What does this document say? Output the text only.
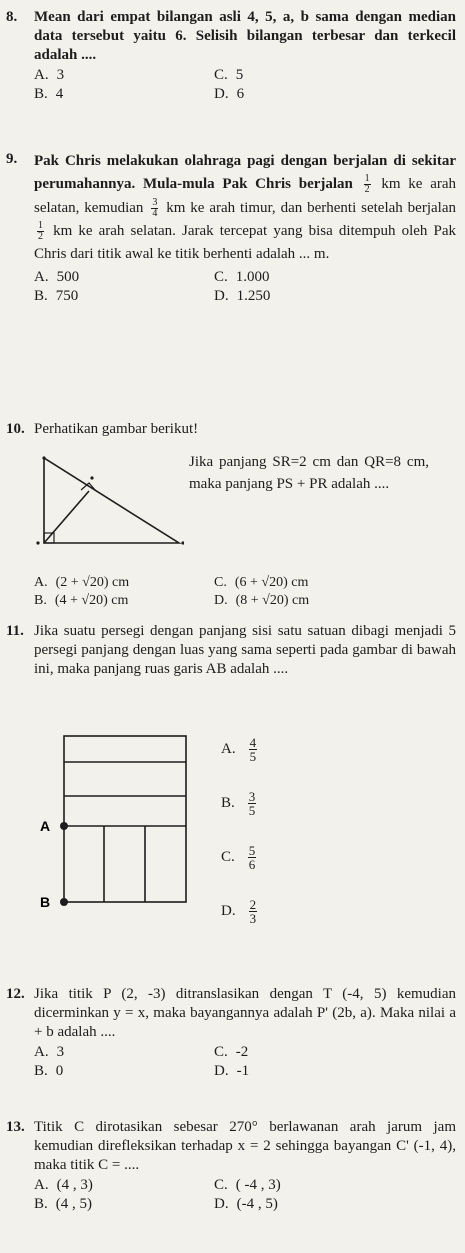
8. Mean dari empat bilangan asli 4, 5, a, b sama dengan median data tersebut yaitu 6. Selisih bilangan terbesar dan terkecil adalah ....

A. 3	C. 5
B. 4	D. 6
9. Pak Chris melakukan olahraga pagi dengan berjalan di sekitar perumahannya. Mula-mula Pak Chris berjalan $\frac{1}{2}$ km ke arah selatan, kemudian $\frac{3}{4}$ km ke arah timur, dan berhenti setelah berjalan
$\frac{1}{2}$ km ke arah selatan. Jarak tercepat yang bisa ditempuh oleh Pak Chris dari titik awal ke titik berhenti adalah ... m.

A. 500	C. 1.000
B. 750	D. 1.250
10. Perhatikan gambar berikut!

Jika panjang SR=2 cm dan QR=8 cm, maka panjang PS + PR adalah ....

A. (2 + √20) cm	C. (6 + √20) cm
B. (4 + √20) cm	D. (8 + √20) cm
11. Jika suatu persegi dengan panjang sisi satu satuan dibagi menjadi 5 persegi panjang dengan luas yang sama seperti pada gambar di bawah ini, maka panjang ruas garis AB adalah ....

A
B
A. $\frac{4}{5}$
B. $\frac{3}{5}$
C. $\frac{5}{6}$
D. $\frac{2}{3}$
12. Jika titik P (2, -3) ditranslasikan dengan T (-4, 5) kemudian dicerminkan y = x, maka bayangannya adalah P' (2b, a). Maka nilai a + b adalah ....

A. 3	C. -2
B. 0	D. -1
13. Titik C dirotasikan sebesar 270° berlawanan arah jarum jam kemudian direfleksikan terhadap x = 2 sehingga bayangan C' (-1, 4), maka titik C = ....

A. (4 , 3)	C. ( -4 , 3)
B. (4 , 5)	D. (-4 , 5)
